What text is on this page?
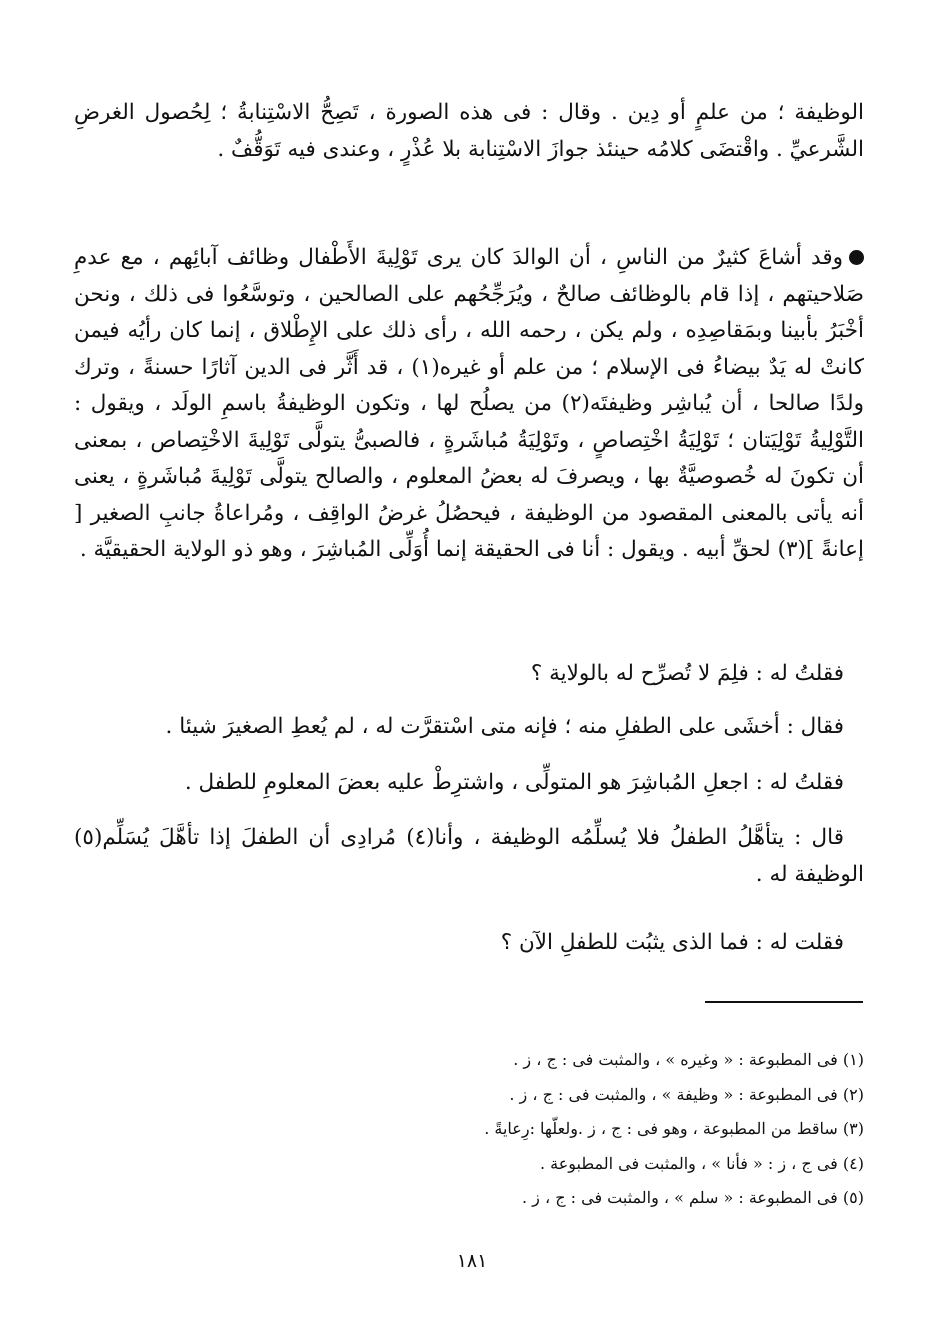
الوظيفة ؛ من علمٍ أو دِين . وقال : فى هذه الصورة ، تَصِحُّ الاسْتِنابةُ ؛ لِحُصول الغرضِ الشَّرعيِّ . واقْتضَى كلامُه حينئذ جوازَ الاسْتِنابة بلا عُذْرٍ ، وعندى فيه تَوَقُّفٌ .

وقد أشاعَ كثيرٌ من الناسِ ، أن الوالدَ كان يرى تَوْلِيةَ الأَطْفال وظائف آبائِهم ، مع عدمِ صَلاحيتهم ، إذا قام بالوظائف صالحٌ ، ويُرَجِّحُهم على الصالحين ، وتوسَّعُوا فى ذلك ، ونحن أخْبَرُ بأبينا وبمَقاصِدِه ، ولم يكن ، رحمه الله ، رأى ذلك على الإِطْلاق ، إنما كان رأيُه فيمن كانتْ له يَدٌ بيضاءُ فى الإسلام ؛ من علم أو غيره(١) ، قد أَثَّر فى الدين آثارًا حسنةً ، وترك ولدًا صالحا ، أن يُباشِر وظيفتَه(٢) من يصلُح لها ، وتكون الوظيفةُ باسمِ الولَد ، ويقول : التَّوْلِيةُ تَوْلِيَتان ؛ تَوْلِيَةُ اخْتِصاصٍ ، وتَوْلِيَةُ مُباشَرةٍ ، فالصبىُّ يتولَّى تَوْلِيةَ الاخْتِصاص ، بمعنى أن تكونَ له خُصوصيَّةٌ بها ، ويصرفَ له بعضُ المعلوم ، والصالح يتولَّى تَوْلِيةَ مُباشَرةٍ ، يعنى أنه يأتى بالمعنى المقصود من الوظيفة ، فيحصُلُ غرضُ الواقِف ، ومُراعاةُ جانبِ الصغير [ إعانةً ](٣) لحقِّ أبيه . ويقول : أنا فى الحقيقة إنما أُوَلِّى المُباشِرَ ، وهو ذو الولاية الحقيقيَّة .

فقلتُ له : فلِمَ لا تُصرِّح له بالولاية ؟

فقال : أخشَى على الطفلِ منه ؛ فإنه متى اسْتقرَّت له ، لم يُعطِ الصغيرَ شيئا .

فقلتُ له : اجعلِ المُباشِرَ هو المتولِّى ، واشترِطْ عليه بعضَ المعلومِ للطفل .

قال : يتأهَّلُ الطفلُ فلا يُسلِّمُه الوظيفة ، وأنا(٤) مُرادِى أن الطفلَ إذا تأهَّلَ يُسَلِّم(٥) الوظيفة له .

فقلت له : فما الذى يثبُت للطفلِ الآن ؟

(١) فى المطبوعة : « وغيره » ، والمثبت فى : ج ، ز .
(٢) فى المطبوعة : « وظيفة » ، والمثبت فى : ج ، ز .
(٣) ساقط من المطبوعة ، وهو فى : ج ، ز .ولعلّها :رِعايةً .
(٤) فى ج ، ز : « فأنا » ، والمثبت فى المطبوعة .
(٥) فى المطبوعة : « سلم » ، والمثبت فى : ج ، ز .
١٨١
